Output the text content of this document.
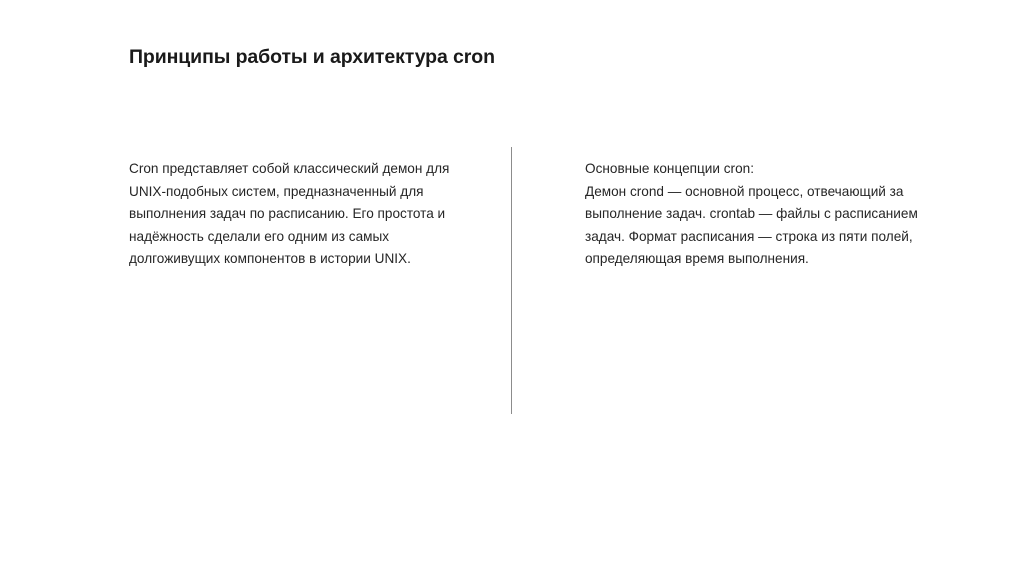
Принципы работы и архитектура cron
Cron представляет собой классический демон для
UNIX-подобных систем, предназначенный для
выполнения задач по расписанию. Его простота и
надёжность сделали его одним из самых
долгоживущих компонентов в истории UNIX.
Основные концепции cron:
Демон crond — основной процесс, отвечающий за
выполнение задач. crontab — файлы с расписанием
задач. Формат расписания — строка из пяти полей,
определяющая время выполнения.
